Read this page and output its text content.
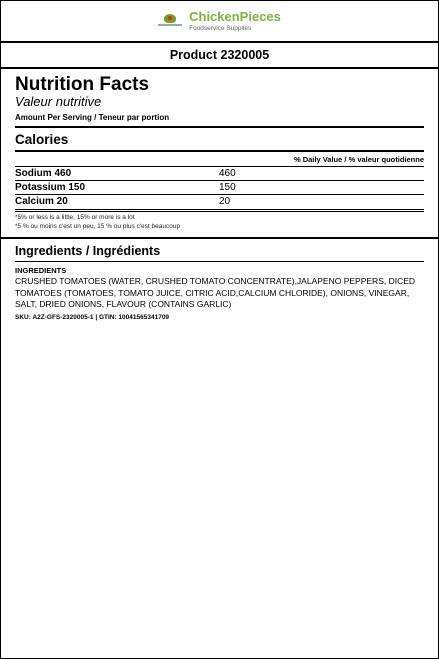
ChickenPieces
Foodservice Supplies
Product 2320005
Nutrition Facts
Valeur nutritive
Amount Per Serving / Teneur par portion
Calories
% Daily Value / % valeur quotidienne
Sodium 460	460
Potassium 150	150
Calcium 20	20
*5% or less is a little, 15% or more is a lot
*5 % ou moins c'est un peu, 15 % ou plus c'est beaucoup
Ingredients / Ingrédients
INGREDIENTS
CRUSHED TOMATOES (WATER, CRUSHED TOMATO CONCENTRATE),JALAPENO PEPPERS, DICED TOMATOES (TOMATOES, TOMATO JUICE, CITRIC ACID,CALCIUM CHLORIDE), ONIONS, VINEGAR, SALT, DRIED ONIONS, FLAVOUR (CONTAINS GARLIC)
SKU: A2Z-GFS-2320005-1 | GTIN: 10041565341709
